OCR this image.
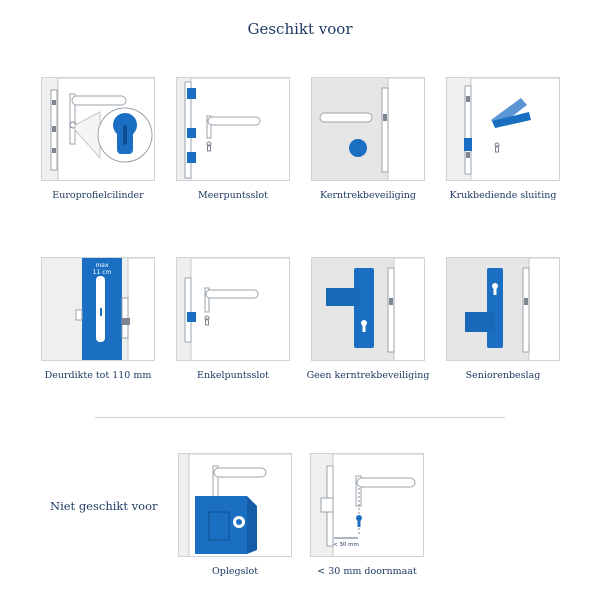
Geschikt voor
Europrofielcilinder	Meerpuntsslot	Kerntrekbeveiliging	Krukbediende sluiting
max
11 cm
Deurdikte tot 110 mm	Enkelpuntsslot	Geen kerntrekbeveiliging	Seniorenbeslag
Niet geschikt voor
Oplegslot
< 30 mm
< 30 mm doornmaat
